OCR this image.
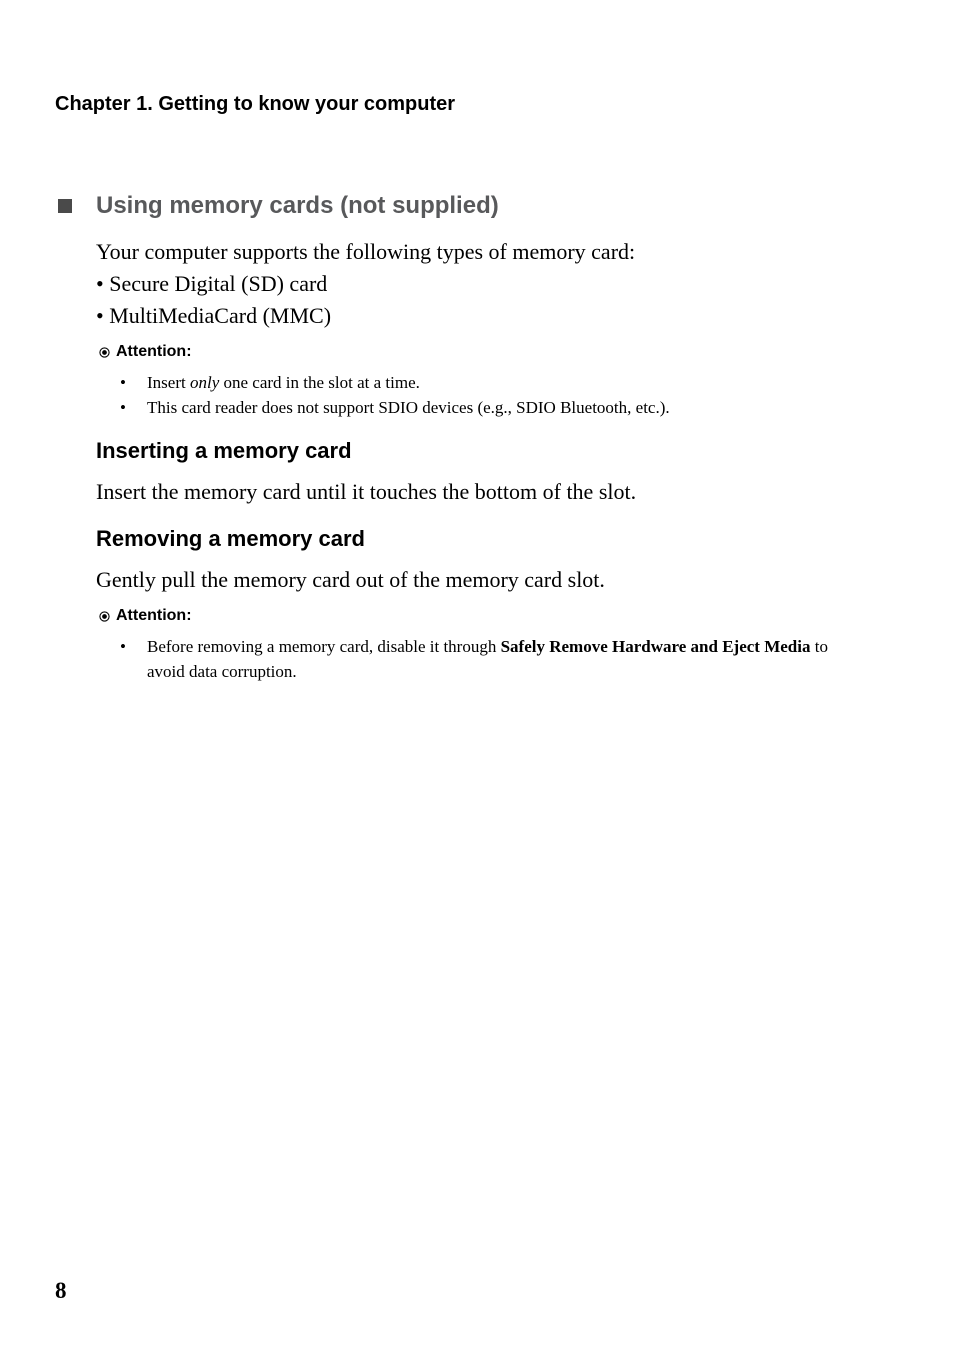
Chapter 1. Getting to know your computer
Using memory cards (not supplied)

Your computer supports the following types of memory card:

• Secure Digital (SD) card
• MultiMediaCard (MMC)
Attention:
• Insert only one card in the slot at a time.
• This card reader does not support SDIO devices (e.g., SDIO Bluetooth, etc.).
Inserting a memory card

Insert the memory card until it touches the bottom of the slot.

Removing a memory card

Gently pull the memory card out of the memory card slot.

Attention:
• Before removing a memory card, disable it through Safely Remove Hardware and Eject Media to avoid data corruption.
8
